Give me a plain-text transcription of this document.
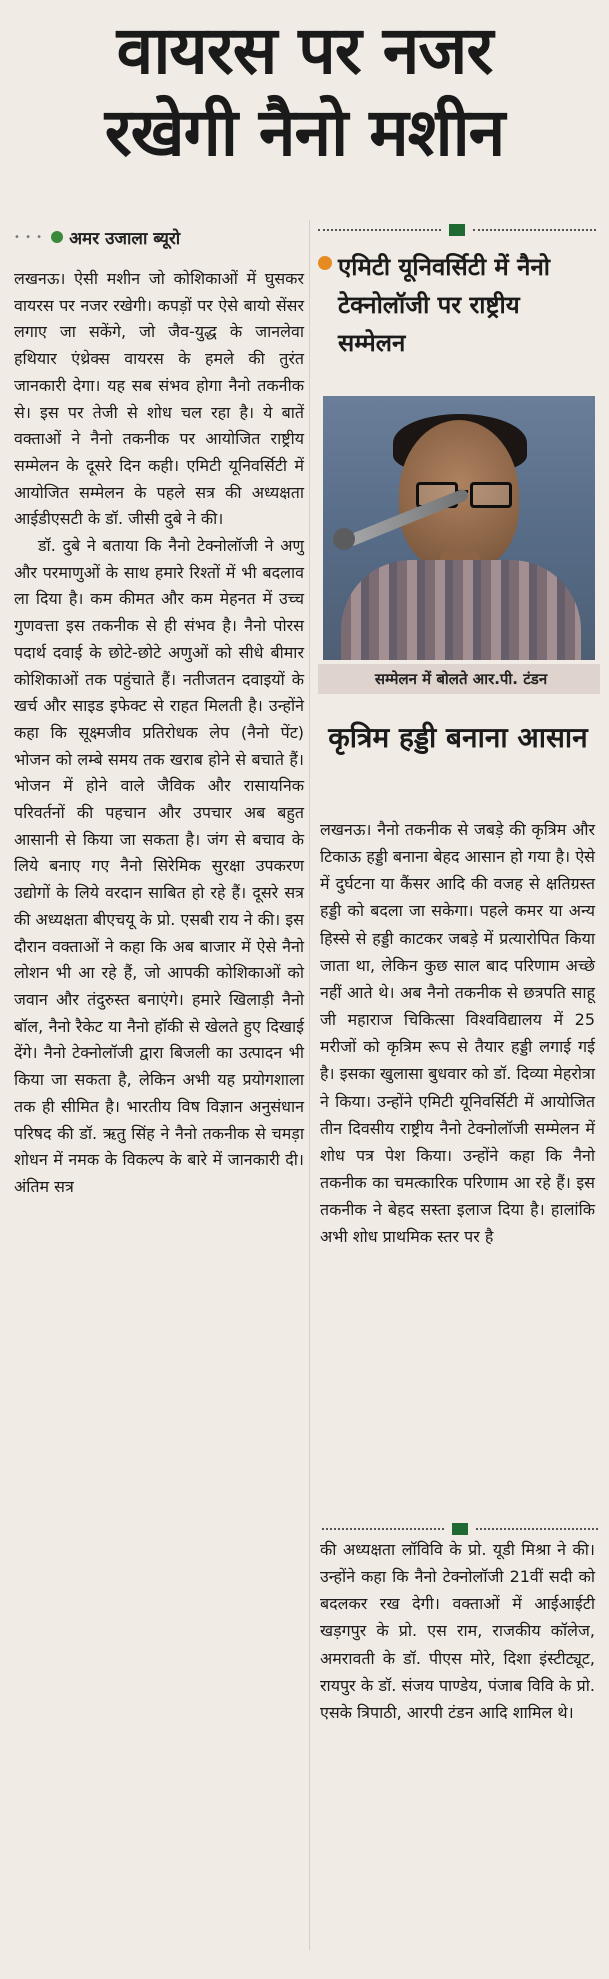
वायरस पर नजर
रखेगी नैनो मशीन
• • • अमर उजाला ब्यूरो

लखनऊ। ऐसी मशीन जो कोशिकाओं में घुसकर वायरस पर नजर रखेगी। कपड़ों पर ऐसे बायो सेंसर लगाए जा सकेंगे, जो जैव-युद्ध के जानलेवा हथियार एंथ्रेक्स वायरस के हमले की तुरंत जानकारी देगा। यह सब संभव होगा नैनो तकनीक से। इस पर तेजी से शोध चल रहा है। ये बातें वक्ताओं ने नैनो तकनीक पर आयोजित राष्ट्रीय सम्मेलन के दूसरे दिन कही। एमिटी यूनिवर्सिटी में आयोजित सम्मेलन के पहले सत्र की अध्यक्षता आईडीएसटी के डॉ. जीसी दुबे ने की।

डॉ. दुबे ने बताया कि नैनो टेक्नोलॉजी ने अणु और परमाणुओं के साथ हमारे रिश्तों में भी बदलाव ला दिया है। कम कीमत और कम मेहनत में उच्च गुणवत्ता इस तकनीक से ही संभव है। नैनो पोरस पदार्थ दवाई के छोटे-छोटे अणुओं को सीधे बीमार कोशिकाओं तक पहुंचाते हैं। नतीजतन दवाइयों के खर्च और साइड इफेक्ट से राहत मिलती है। उन्होंने कहा कि सूक्ष्मजीव प्रतिरोधक लेप (नैनो पेंट) भोजन को लम्बे समय तक खराब होने से बचाते हैं। भोजन में होने वाले जैविक और रासायनिक परिवर्तनों की पहचान और उपचार अब बहुत आसानी से किया जा सकता है। जंग से बचाव के लिये बनाए गए नैनो सिरेमिक सुरक्षा उपकरण उद्योगों के लिये वरदान साबित हो रहे हैं। दूसरे सत्र की अध्यक्षता बीएचयू के प्रो. एसबी राय ने की। इस दौरान वक्ताओं ने कहा कि अब बाजार में ऐसे नैनो लोशन भी आ रहे हैं, जो आपकी कोशिकाओं को जवान और तंदुरुस्त बनाएंगे। हमारे खिलाड़ी नैनो बॉल, नैनो रैकेट या नैनो हॉकी से खेलते हुए दिखाई देंगे। नैनो टेक्नोलॉजी द्वारा बिजली का उत्पादन भी किया जा सकता है, लेकिन अभी यह प्रयोगशाला तक ही सीमित है। भारतीय विष विज्ञान अनुसंधान परिषद की डॉ. ऋतु सिंह ने नैनो तकनीक से चमड़ा शोधन में नमक के विकल्प के बारे में जानकारी दी। अंतिम सत्र

एमिटी यूनिवर्सिटी में नैनो टेक्नोलॉजी पर राष्ट्रीय सम्मेलन
सम्मेलन में बोलते आर.पी. टंडन
कृत्रिम हड्डी बनाना आसान

लखनऊ। नैनो तकनीक से जबड़े की कृत्रिम और टिकाऊ हड्डी बनाना बेहद आसान हो गया है। ऐसे में दुर्घटना या कैंसर आदि की वजह से क्षतिग्रस्त हड्डी को बदला जा सकेगा। पहले कमर या अन्य हिस्से से हड्डी काटकर जबड़े में प्रत्यारोपित किया जाता था, लेकिन कुछ साल बाद परिणाम अच्छे नहीं आते थे। अब नैनो तकनीक से छत्रपति साहू जी महाराज चिकित्सा विश्वविद्यालय में 25 मरीजों को कृत्रिम रूप से तैयार हड्डी लगाई गई है। इसका खुलासा बुधवार को डॉ. दिव्या मेहरोत्रा ने किया। उन्होंने एमिटी यूनिवर्सिटी में आयोजित तीन दिवसीय राष्ट्रीय नैनो टेक्नोलॉजी सम्मेलन में शोध पत्र पेश किया। उन्होंने कहा कि नैनो तकनीक का चमत्कारिक परिणाम आ रहे हैं। इस तकनीक ने बेहद सस्ता इलाज दिया है। हालांकि अभी शोध प्राथमिक स्तर पर है

की अध्यक्षता लॉविवि के प्रो. यूडी मिश्रा ने की। उन्होंने कहा कि नैनो टेक्नोलॉजी 21वीं सदी को बदलकर रख देगी। वक्ताओं में आईआईटी खड़गपुर के प्रो. एस राम, राजकीय कॉलेज, अमरावती के डॉ. पीएस मोरे, दिशा इंस्टीट्यूट, रायपुर के डॉ. संजय पाण्डेय, पंजाब विवि के प्रो. एसके त्रिपाठी, आरपी टंडन आदि शामिल थे।
